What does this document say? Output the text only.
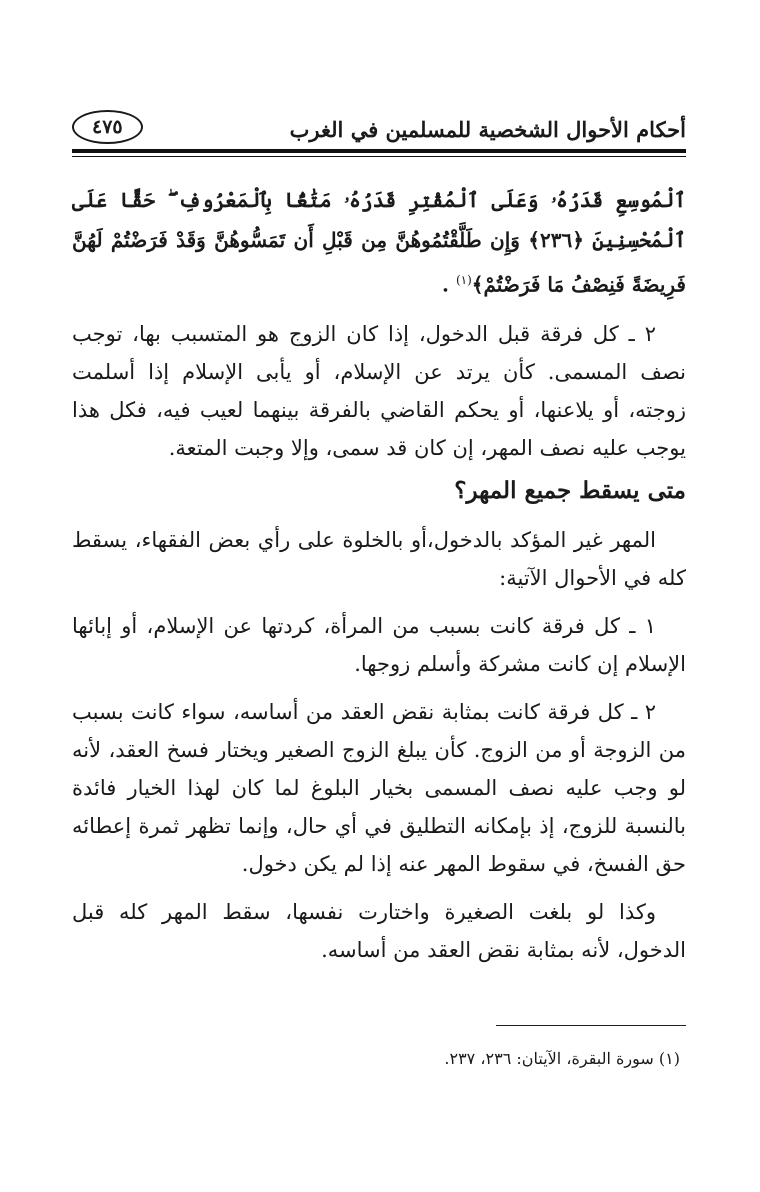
أحكام الأحوال الشخصية للمسلمين في الغرب
٤٧٥

ٱلْمُوسِعِ قَدَرُهُۥ وَعَلَى ٱلْمُقْتِرِ قَدَرُهُۥ مَتَٰعًۢا بِٱلْمَعْرُوفِ ۖ حَقًّا عَلَى ٱلْمُحْسِنِينَ ﴿٢٣٦﴾ وَإِن طَلَّقْتُمُوهُنَّ مِن قَبْلِ أَن تَمَسُّوهُنَّ وَقَدْ فَرَضْتُمْ لَهُنَّ فَرِيضَةً فَنِصْفُ مَا فَرَضْتُمْ﴾$^{(١)}$ .

٢ ـ كل فرقة قبل الدخول، إذا كان الزوج هو المتسبب بها، توجب نصف المسمى. كأن يرتد عن الإسلام، أو يأبى الإسلام إذا أسلمت زوجته، أو يلاعنها، أو يحكم القاضي بالفرقة بينهما لعيب فيه، فكل هذا يوجب عليه نصف المهر، إن كان قد سمى، وإلا وجبت المتعة.

متى يسقط جميع المهر؟

المهر غير المؤكد بالدخول،أو بالخلوة على رأي بعض الفقهاء، يسقط كله في الأحوال الآتية:

١ ـ كل فرقة كانت بسبب من المرأة، كردتها عن الإسلام، أو إبائها الإسلام إن كانت مشركة وأسلم زوجها.

٢ ـ كل فرقة كانت بمثابة نقض العقد من أساسه، سواء كانت بسبب من الزوجة أو من الزوج. كأن يبلغ الزوج الصغير ويختار فسخ العقد، لأنه لو وجب عليه نصف المسمى بخيار البلوغ لما كان لهذا الخيار فائدة بالنسبة للزوج، إذ بإمكانه التطليق في أي حال، وإنما تظهر ثمرة إعطائه حق الفسخ، في سقوط المهر عنه إذا لم يكن دخول.

وكذا لو بلغت الصغيرة واختارت نفسها، سقط المهر كله قبل الدخول، لأنه بمثابة نقض العقد من أساسه.

(١) سورة البقرة، الآيتان: ٢٣٦، ٢٣٧.
